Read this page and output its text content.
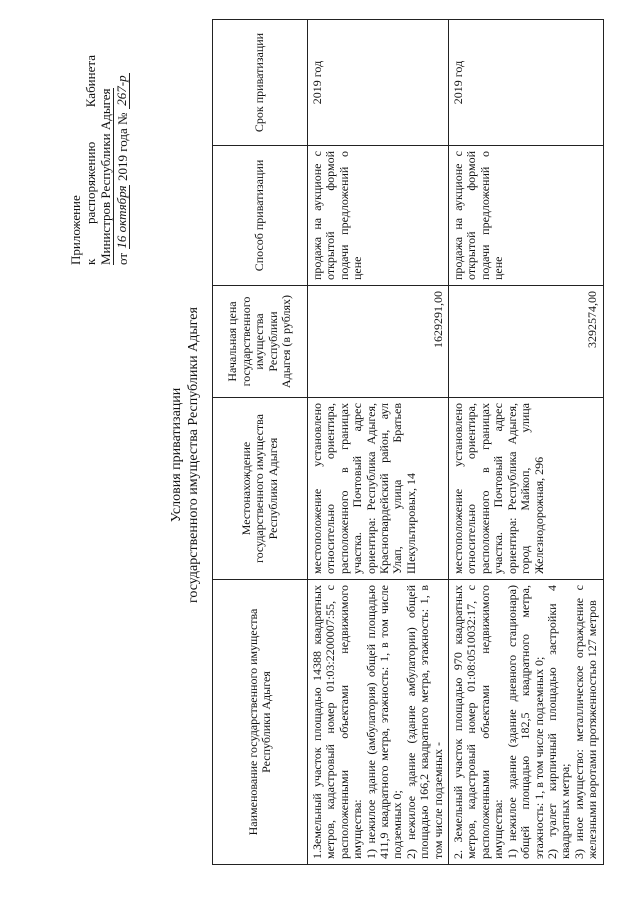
Приложение к
распоряжению
Кабинета
Министров Республики Адыгея от
16 октября
2019 года №
267-р
Условия приватизации государственного имущества Республики Адыгея
Наименование государственного имущества Республики Адыгея	Местонахождение государственного имущества Республики Адыгея	Начальная цена государственного имущества Республики Адыгея (в рублях)	Способ приватизации	Срок приватизации

1.Земельный участок площадью 14388 квадратных метров, кадастровый номер 01:03:2200007:55, с расположенными объектами недвижимого имущества: 1) нежилое здание (амбулатория) общей площадью 411,9 квадратного метра, этажность: 1, в том числе подземных 0; 2) нежилое здание (здание амбулатории) общей площадью 166,2 квадратного метра, этажность: 1, в том числе подземных -	местоположение установлено относительно ориентира, расположенного в границах участка. Почтовый адрес ориентира: Республика Адыгея, Красногвардейский район, аул Улап, улица Братьев Шекультировых, 14	1629291,00	продажа на аукционе с открытой формой подачи предложений о цене	2019 год

2. Земельный участок площадью 970 квадратных метров, кадастровый номер 01:08:0510032:17, с расположенными объектами недвижимого имущества: 1) нежилое здание (здание дневного стационара) общей площадью 182,5 квадратного метра, этажность: 1, в том числе подземных 0; 2) туалет кирпичный площадью застройки 4 квадратных метра; 3) иное имущество: металлическое ограждение с железными воротами протяженностью 127 метров	местоположение установлено относительно ориентира, расположенного в границах участка. Почтовый адрес ориентира: Республика Адыгея, город Майкоп, улица Железнодорожная, 296	3292574,00	продажа на аукционе с открытой формой подачи предложений о цене	2019 год
